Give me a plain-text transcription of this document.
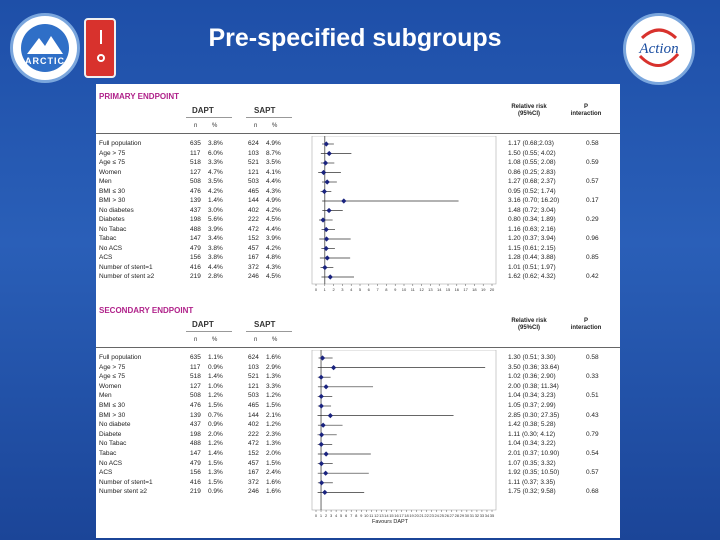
Pre-specified subgroups
ARCTIC
Action
PRIMARY ENDPOINT
DAPT	SAPT
n %	n %
Relative risk (95%CI)
P interaction
SECONDARY ENDPOINT
DAPT	SAPT
n %	n %
Relative risk (95%CI)
P interaction
Full population	635 3.8%	624 4.9%	1.17 (0.68;2.03)	0.58
Age > 75	117 6.0%	103 8.7%	1.50 (0.55; 4.02)
Age ≤ 75	518 3.3%	521 3.5%	1.08 (0.55; 2.08)	0.59
Women	127 4.7%	121 4.1%	0.86 (0.25; 2.83)
Men	508 3.5%	503 4.4%	1.27 (0.68; 2.37)	0.57
BMI ≤ 30	476 4.2%	465 4.3%	0.95 (0.52; 1.74)
BMI > 30	139 1.4%	144 4.9%	3.16 (0.70; 16.20)	0.17
No diabetes	437 3.0%	402 4.2%	1.48 (0.72; 3.04)
Diabetes	198 5.6%	222 4.5%	0.80 (0.34; 1.89)	0.29
No Tabac	488 3.9%	472 4.4%	1.16 (0.63; 2.16)
Tabac	147 3.4%	152 3.9%	1.20 (0.37; 3.94)	0.96
No ACS	479 3.8%	457 4.2%	1.15 (0.61; 2.15)
ACS	156 3.8%	167 4.8%	1.28 (0.44; 3.88)	0.85
Number of stent=1	416 4.4%	372 4.3%	1.01 (0.51; 1.97)
Number of stent ≥2	219 2.8%	246 4.5%	1.62 (0.62; 4.32)	0.42
Full population	635 1.1%	624 1.6%	1.30 (0.51; 3.30)	0.58
Age > 75	117 0.9%	103 2.9%	3.50 (0.36; 33.64)
Age ≤ 75	518 1.4%	521 1.3%	1.02 (0.36; 2.90)	0.33
Women	127 1.0%	121 3.3%	2.00 (0.38; 11.34)
Men	508 1.2%	503 1.2%	1.04 (0.34; 3.23)	0.51
BMI ≤ 30	476 1.5%	465 1.5%	1.05 (0.37; 2.99)
BMI > 30	139 0.7%	144 2.1%	2.85 (0.30; 27.35)	0.43
No diabete	437 0.9%	402 1.2%	1.42 (0.38; 5.28)
Diabete	198 2.0%	222 2.3%	1.11 (0.30; 4.12)	0.79
No Tabac	488 1.2%	472 1.3%	1.04 (0.34; 3.22)
Tabac	147 1.4%	152 2.0%	2.01 (0.37; 10.90)	0.54
No ACS	479 1.5%	457 1.5%	1.07 (0.35; 3.32)
ACS	156 1.3%	167 2.4%	1.92 (0.35; 10.50)	0.57
Number of stent=1	416 1.5%	372 1.6%	1.11 (0.37; 3.35)
Number stent ≥2	219 0.9%	246 1.6%	1.75 (0.32; 9.58)	0.68
0 1 2 3 4 5 6 7 8 9 10 11 12 13 14 15 16 17 18 19 20
0 1 2 3 4 5 6 7 8 9 10 11 12 13 14 15 16 17 18 19 20 21 22 23 24 25 26 27 28 29 30 31 32 33 34 35
Favours DAPT
